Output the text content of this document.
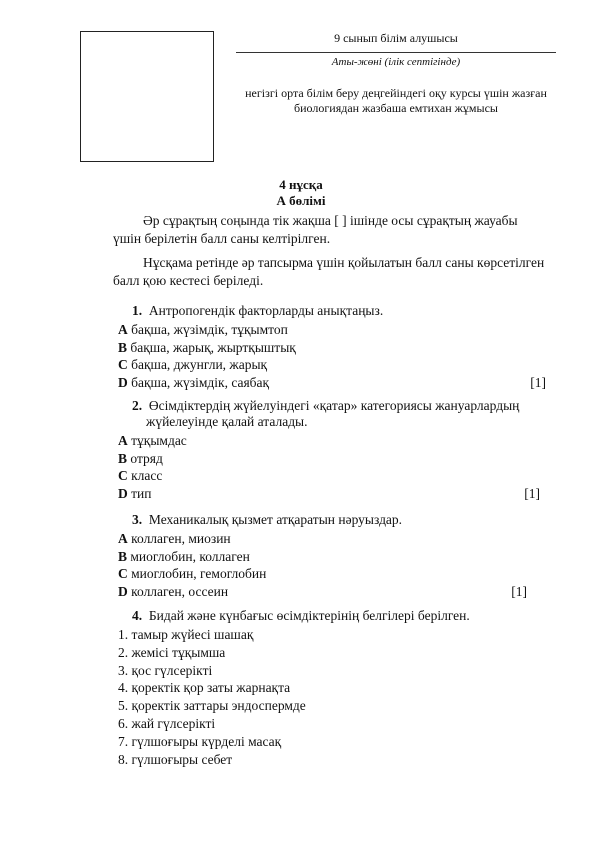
9 сынып білім алушысы
Аты-жөні (ілік септігінде)
негізгі орта білім беру деңгейіндегі оқу курсы үшін жазған биологиядан жазбаша емтихан жұмысы
4 нұсқа
А бөлімі
Әр сұрақтың соңында тік жақша [ ] ішінде осы сұрақтың жауабы үшін берілетін балл саны келтірілген.
Нұсқама ретінде әр тапсырма үшін қойылатын балл саны көрсетілген балл қою кестесі беріледі.
1. Антропогендік факторларды анықтаңыз.
A бақша, жүзімдік, тұқымтоп
B бақша, жарық, жыртқыштық
C бақша, джунгли, жарық
D бақша, жүзімдік, саябақ	[1]
2. Өсімдіктердің жүйелуіндегі «қатар» категориясы жануарлардың жүйелеуінде қалай аталады.
A тұқымдас
B отряд
C класс
D тип	[1]
3. Механикалық қызмет атқаратын нәруыздар.
A коллаген, миозин
B миоглобин, коллаген
C миоглобин, гемоглобин
D коллаген, оссеин	[1]
4. Бидай және күнбағыс өсімдіктерінің белгілері берілген.
1. тамыр жүйесі шашақ
2. жемісі тұқымша
3. қос гүлсерікті
4. қоректік қор заты жарнақта
5. қоректік заттары эндоспермде
6. жай гүлсерікті
7. гүлшоғыры күрделі масақ
8. гүлшоғыры себет
